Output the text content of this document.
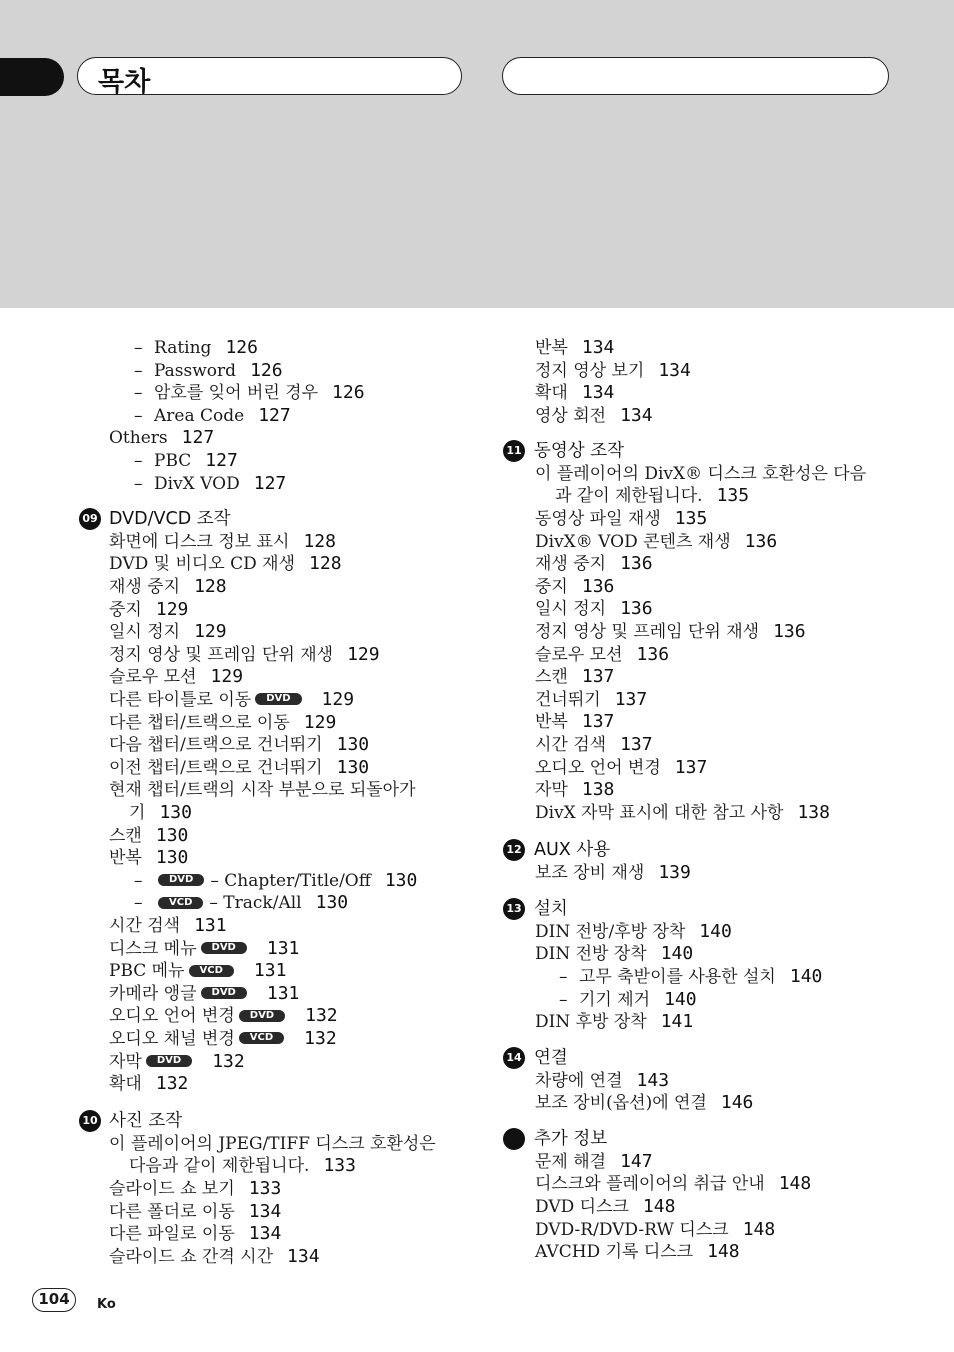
목차
– Rating 126
– Password 126
– 암호를 잊어 버린 경우 126
– Area Code 127
Others 127
– PBC 127
– DivX VOD 127
09 DVD/VCD 조작
화면에 디스크 정보 표시 128
DVD 및 비디오 CD 재생 128
재생 중지 128
중지 129
일시 정지 129
정지 영상 및 프레임 단위 재생 129
슬로우 모션 129
다른 타이틀로 이동 DVD 129
다른 챕터/트랙으로 이동 129
다음 챕터/트랙으로 건너뛰기 130
이전 챕터/트랙으로 건너뛰기 130
현재 챕터/트랙의 시작 부분으로 되돌아가
기 130
스캔 130
반복 130
–	DVD – Chapter/Title/Off 130
–	VCD – Track/All 130
시간 검색 131
디스크 메뉴 DVD 131
PBC 메뉴 VCD 131
카메라 앵글 DVD 131
오디오 언어 변경 DVD 132
오디오 채널 변경 VCD 132
자막 DVD 132
확대 132
10 사진 조작
이 플레이어의 JPEG/TIFF 디스크 호환성은
다음과 같이 제한됩니다. 133
슬라이드 쇼 보기 133
다른 폴더로 이동 134
다른 파일로 이동 134
슬라이드 쇼 간격 시간 134
반복 134
정지 영상 보기 134
확대 134
영상 회전 134
11 동영상 조작
이 플레이어의 DivX® 디스크 호환성은 다음
과 같이 제한됩니다. 135
동영상 파일 재생 135
DivX® VOD 콘텐츠 재생 136
재생 중지 136
중지 136
일시 정지 136
정지 영상 및 프레임 단위 재생 136
슬로우 모션 136
스캔 137
건너뛰기 137
반복 137
시간 검색 137
오디오 언어 변경 137
자막 138
DivX 자막 표시에 대한 참고 사항 138
12 AUX 사용
보조 장비 재생 139
13 설치
DIN 전방/후방 장착 140
DIN 전방 장착 140
– 고무 축받이를 사용한 설치 140
– 기기 제거 140
DIN 후방 장착 141
14 연결
차량에 연결 143
보조 장비(옵션)에 연결 146
추가 정보
문제 해결 147
디스크와 플레이어의 취급 안내 148
DVD 디스크 148
DVD-R/DVD-RW 디스크 148
AVCHD 기록 디스크 148
104	Ko
